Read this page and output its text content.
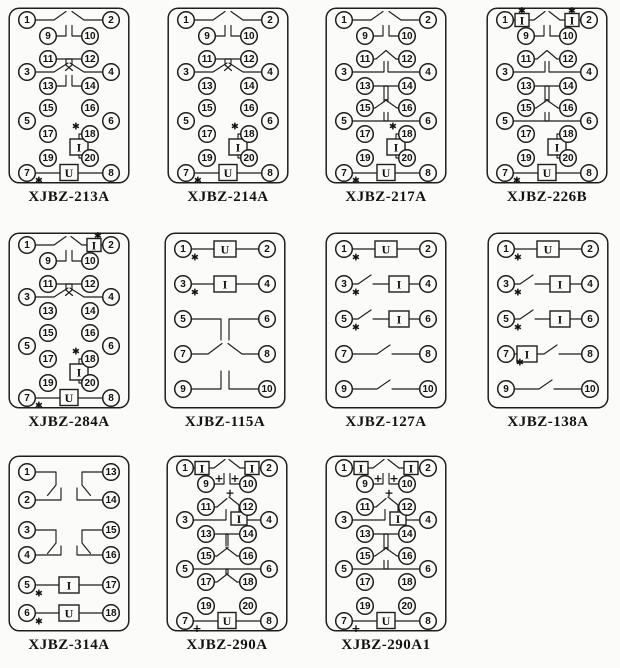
I
U
1	2
9	10
11	12
3	4
13	14
15	16
5	6
17	18
19	20
7	8
✱
✱
XJBZ-213A
I
U
1	2
9	10
11	12
3	4
13	14
15	16
5	6
17	18
19	20
7	8
✱
✱
XJBZ-214A
I
U
1	2
9	10
11	12
3	4
13	14
15	16
5	6
17	18
19	20
7	8
✱
✱
XJBZ-217A
I	I
I
U
1	2
9	10
11	12
3	4
13	14
15	16
5	6
17	18
19	20
7	8
✱	✱
✱
XJBZ-226B
I
I
U
1	2
9	10
11	12
3	4
13	14
15	16
5	6
17	18
19	20
7	8
✱
✱
✱
XJBZ-284A
U
I
1	2
3	4
5	6
7	8
9	10
✱
✱
XJBZ-115A
U
I
I
1	2
3	4
5	6
7	8
9	10
✱
✱
✱
XJBZ-127A
U
I
I
I
1	2
3	4
5	6
7	8
9	10
✱
✱
✱
✱
XJBZ-138A
I
U
1
2
3
4
5
6
13
14
15
16
17
18
✱
✱
XJBZ-314A
I	I
I
U
1	2
9	10
11	12
3	4
13	14
15	16
5	6
17	18
19	20
7	8
+ +
+
+
XJBZ-290A
I	I
I
U
1	2
9	10
11	12
3	4
13	14
15	16
5	6
17	18
19	20
7	8
+ +
+
+
XJBZ-290A1
